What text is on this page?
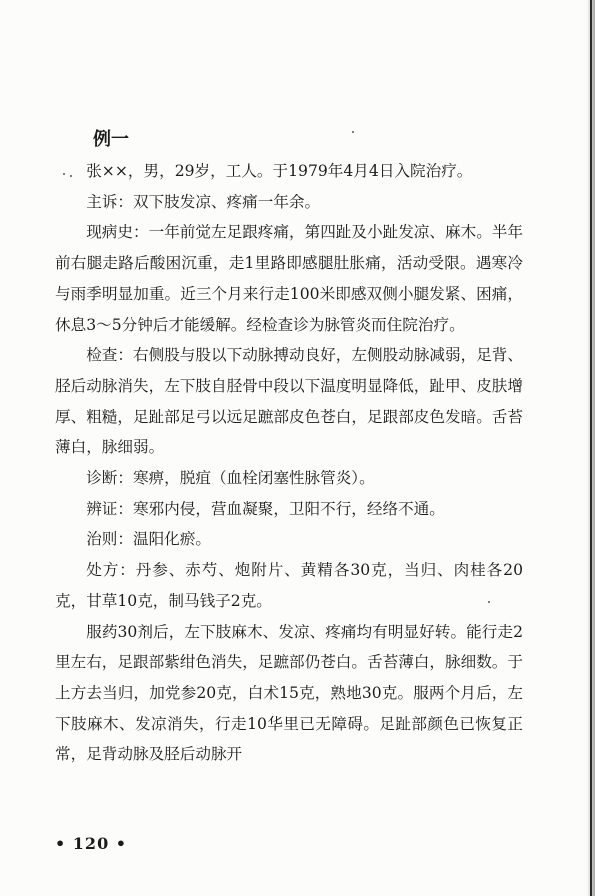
例一

张××，男，29岁，工人。于1979年4月4日入院治疗。

主诉：双下肢发凉、疼痛一年余。

现病史：一年前觉左足跟疼痛，第四趾及小趾发凉、麻木。半年前右腿走路后酸困沉重，走1里路即感腿肚胀痛，活动受限。遇寒冷与雨季明显加重。近三个月来行走100米即感双侧小腿发紧、困痛，休息3～5分钟后才能缓解。经检查诊为脉管炎而住院治疗。

检查：右侧股与股以下动脉搏动良好，左侧股动脉减弱，足背、胫后动脉消失，左下肢自胫骨中段以下温度明显降低，趾甲、皮肤增厚、粗糙，足趾部足弓以远足蹠部皮色苍白，足跟部皮色发暗。舌苔薄白，脉细弱。

诊断：寒痹，脱疽（血栓闭塞性脉管炎）。

辨证：寒邪内侵，营血凝聚，卫阳不行，经络不通。

治则：温阳化瘀。

处方：丹参、赤芍、炮附片、黄精各30克，当归、肉桂各20克，甘草10克，制马钱子2克。

服药30剂后，左下肢麻木、发凉、疼痛均有明显好转。能行走2里左右，足跟部紫绀色消失，足蹠部仍苍白。舌苔薄白，脉细数。于上方去当归，加党参20克，白术15克，熟地30克。服两个月后，左下肢麻木、发凉消失，行走10华里已无障碍。足趾部颜色已恢复正常，足背动脉及胫后动脉开

• 120 •
